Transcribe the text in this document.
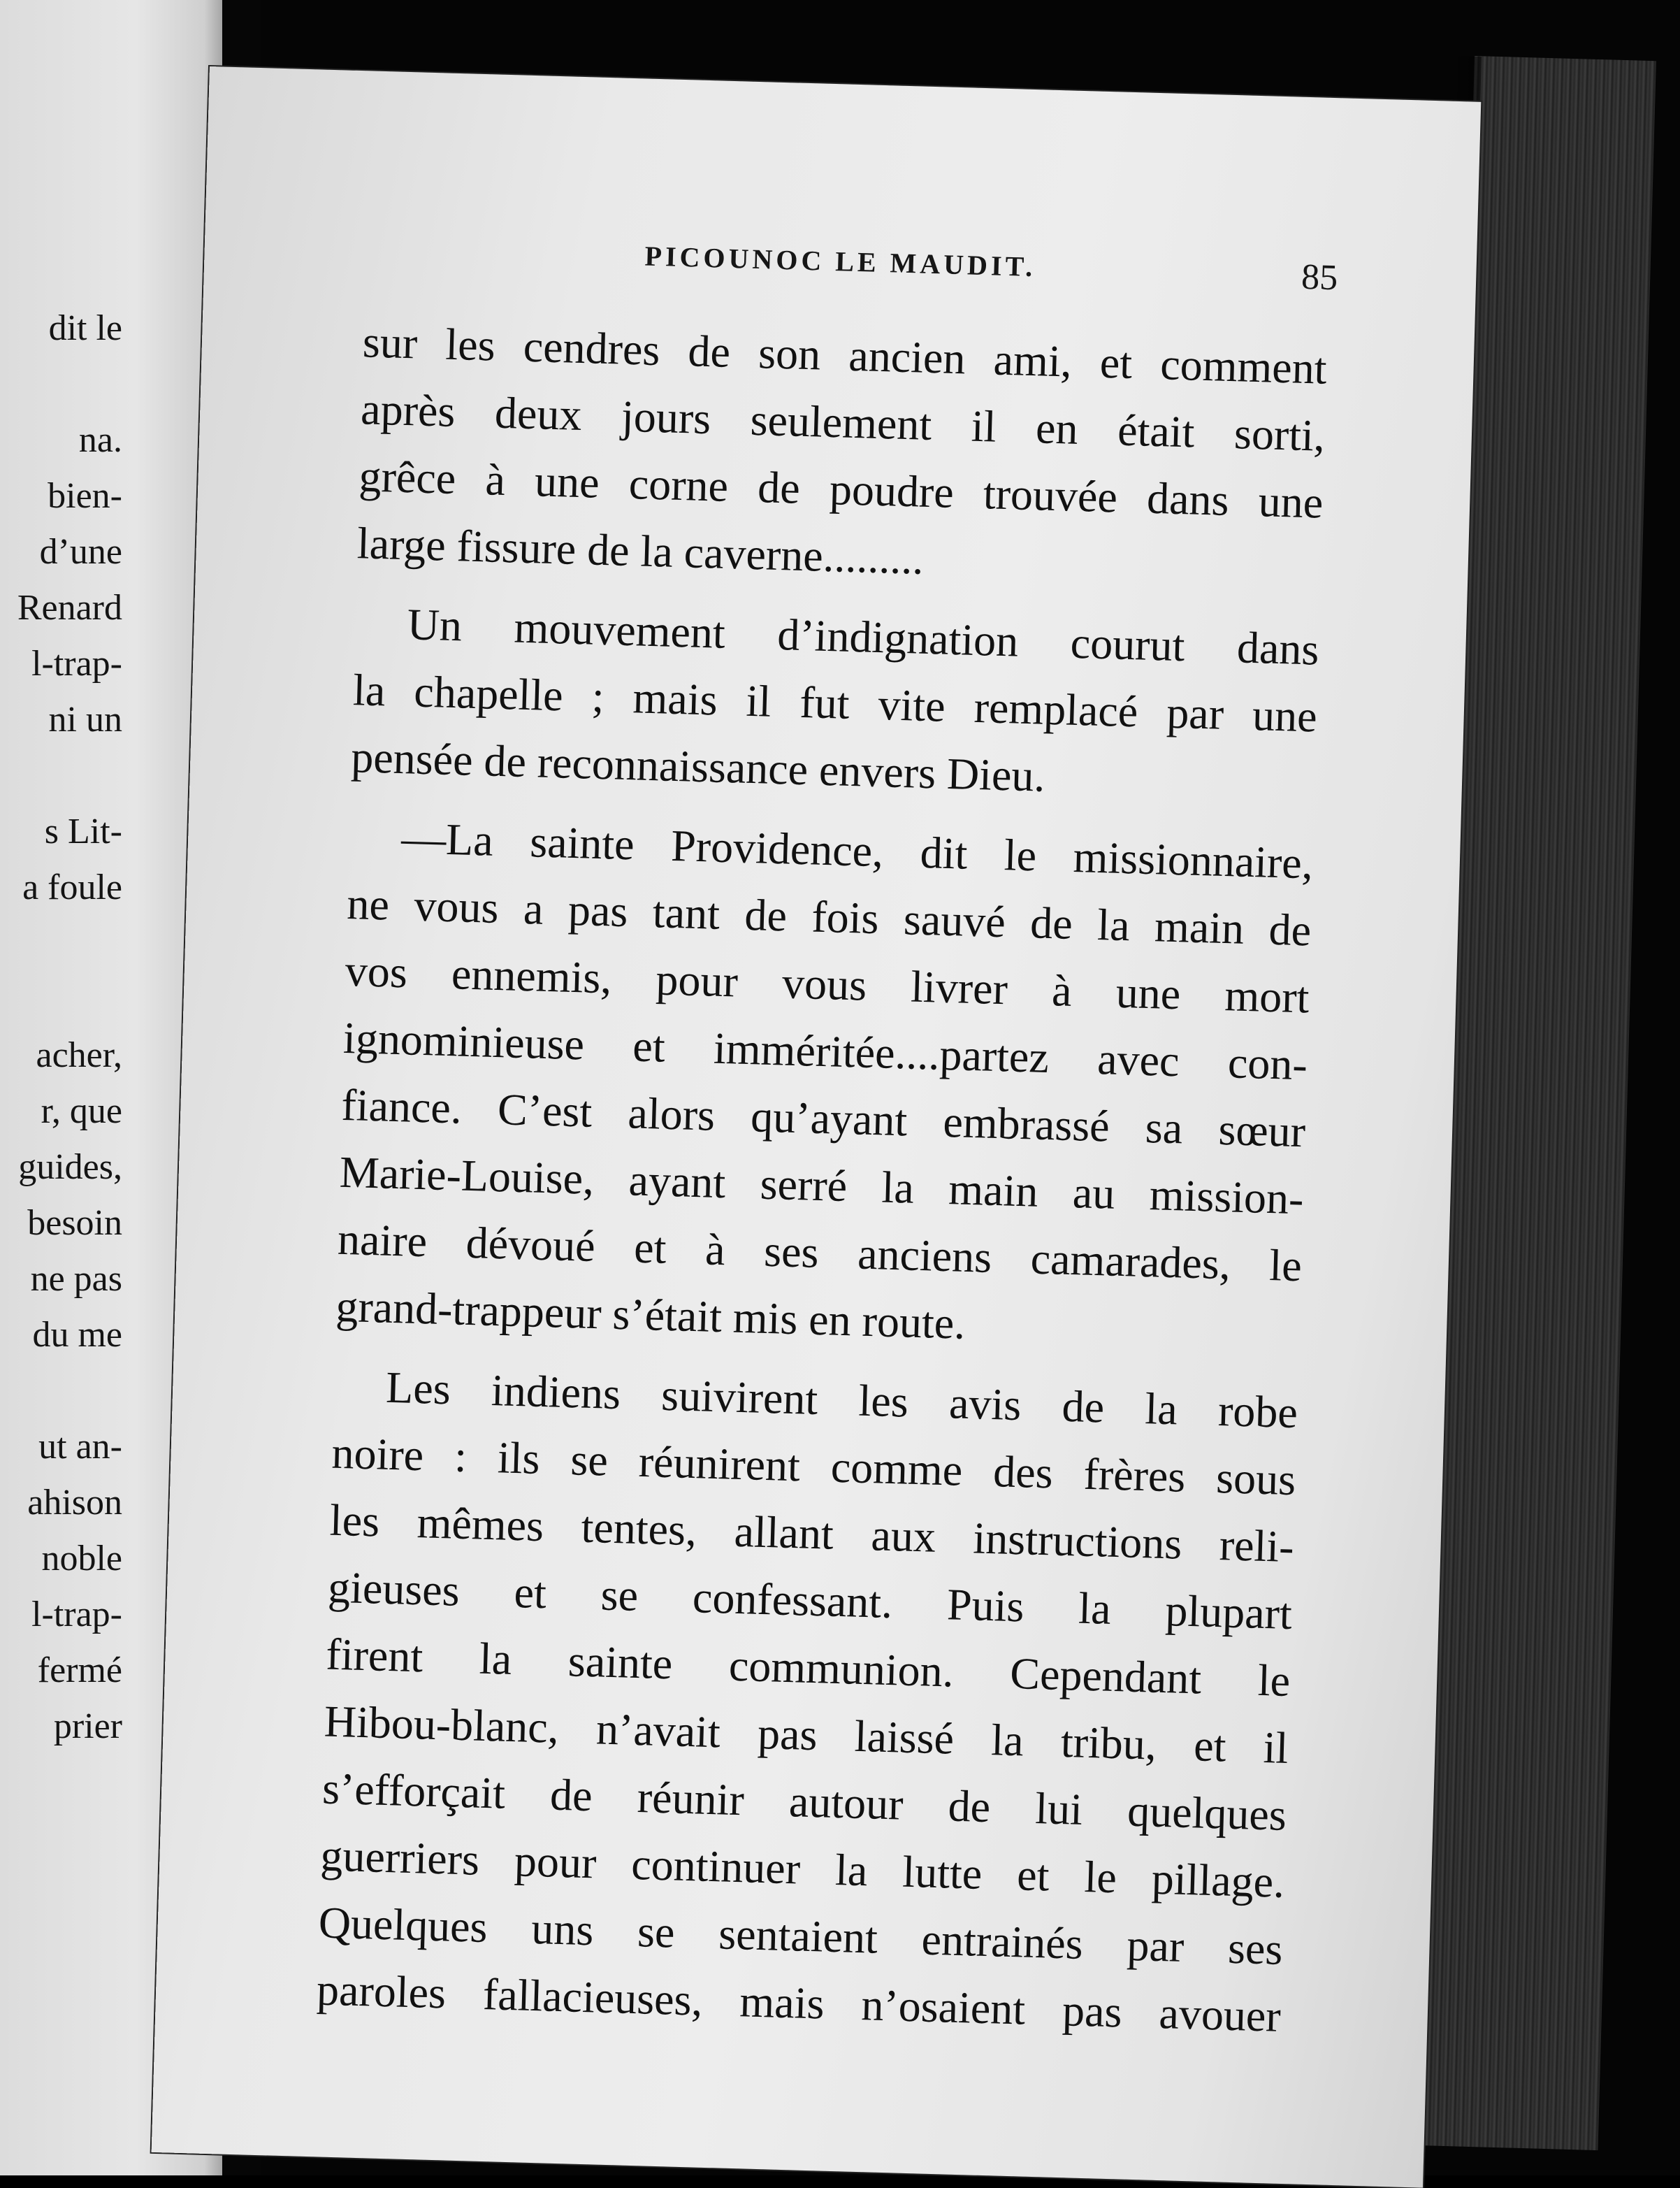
dit le
na.
bien-
d’une
Renard
l-trap-
ni un
s Lit-
a foule
acher,
r, que
guides,
besoin
ne pas
du me
ut an-
ahison
noble
l-trap-
fermé
prier
PICOUNOC LE MAUDIT.	85
sur les cendres de son ancien ami, et comment
après deux jours seulement il en était sorti,
grêce à une corne de poudre trouvée dans une
large fissure de la caverne.........
Un mouvement d’indignation courut dans
la chapelle ; mais il fut vite remplacé par une
pensée de reconnaissance envers Dieu.
—La sainte Providence, dit le missionnaire,
ne vous a pas tant de fois sauvé de la main de
vos ennemis, pour vous livrer à une mort
ignominieuse et imméritée....partez avec con-
fiance. C’est alors qu’ayant embrassé sa sœur
Marie-Louise, ayant serré la main au mission-
naire dévoué et à ses anciens camarades, le
grand-trappeur s’était mis en route.
Les indiens suivirent les avis de la robe
noire : ils se réunirent comme des frères sous
les mêmes tentes, allant aux instructions reli-
gieuses et se confessant. Puis la plupart
firent la sainte communion. Cependant le
Hibou-blanc, n’avait pas laissé la tribu, et il
s’efforçait de réunir autour de lui quelques
guerriers pour continuer la lutte et le pillage.
Quelques uns se sentaient entrainés par ses
paroles fallacieuses, mais n’osaient pas avouer
